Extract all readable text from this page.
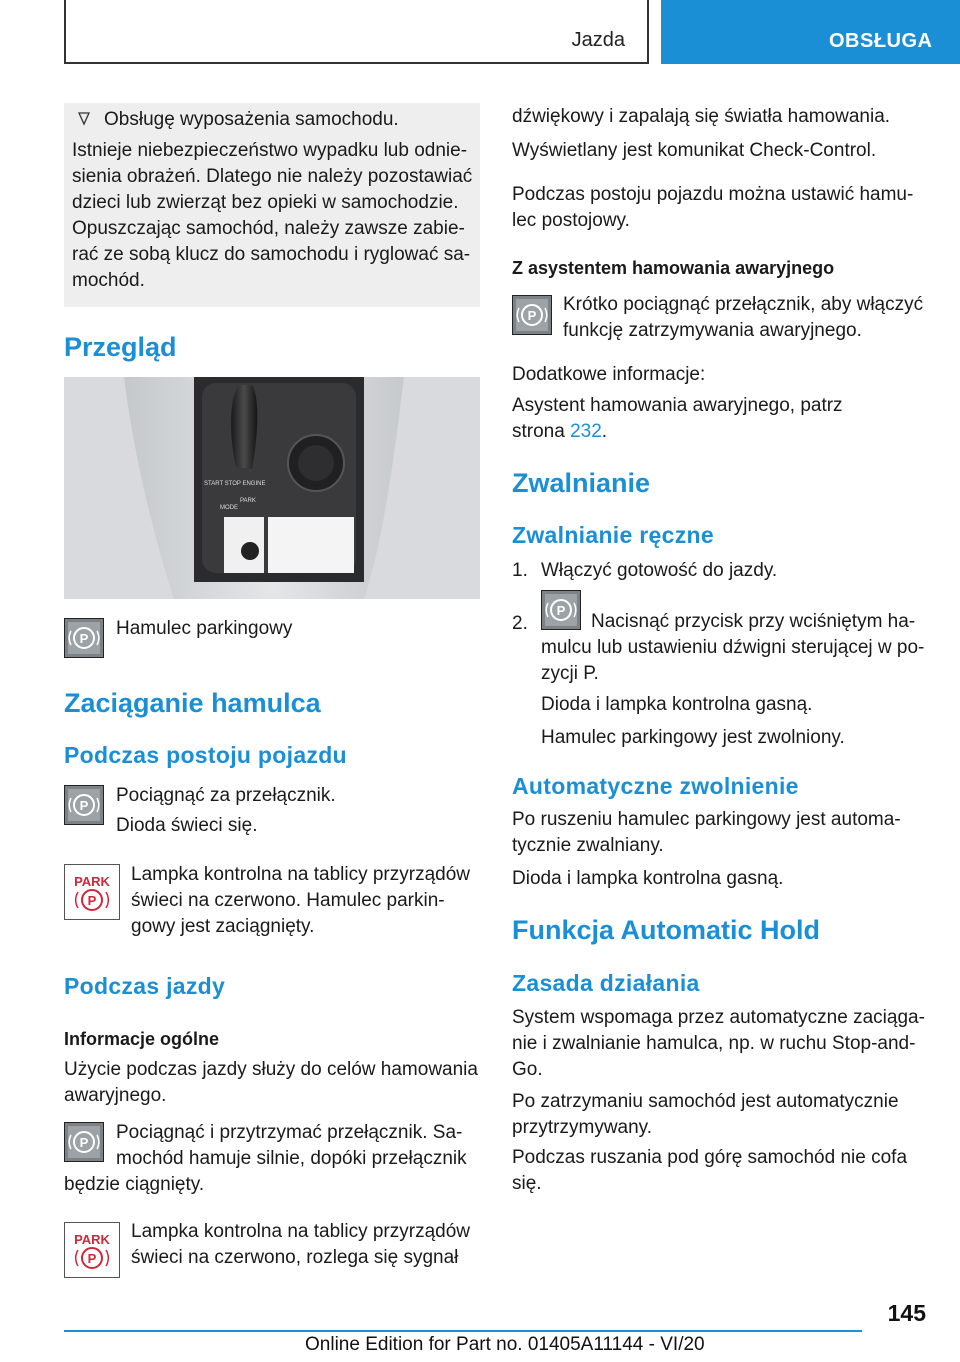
Jazda	OBSŁUGA
Obsługę wyposażenia samochodu.

Istnieje niebezpieczeństwo wypadku lub odnie-sienia obrażeń. Dlatego nie należy pozostawiać dzieci lub zwierząt bez opieki w samochodzie. Opuszczając samochód, należy zawsze zabie-rać ze sobą klucz do samochodu i ryglować sa-mochód.

Przegląd
START STOP ENGINE
PARK
MODE
P Hamulec parkingowy

Zaciąganie hamulca
Podczas postoju pojazdu
P Pociągnąć za przełącznik.

Dioda świeci się.

PARK
P

Lampka kontrolna na tablicy przyrządów świeci na czerwono. Hamulec parkin-gowy jest zaciągnięty.

Podczas jazdy
Informacje ogólne

Użycie podczas jazdy służy do celów hamowania awaryjnego.

P Pociągnąć i przytrzymać przełącznik. Sa-mochód hamuje silnie, dopóki przełącznik

będzie ciągnięty.

PARK
P

Lampka kontrolna na tablicy przyrządów świeci na czerwono, rozlega się sygnał

dźwiękowy i zapalają się światła hamowania.

Wyświetlany jest komunikat Check-Control.

Podczas postoju pojazdu można ustawić hamu-lec postojowy.

Z asystentem hamowania awaryjnego
P

Krótko pociągnąć przełącznik, aby włączyć funkcję zatrzymywania awaryjnego.

Dodatkowe informacje:

Asystent hamowania awaryjnego, patrz

strona 232.

Zwalnianie
Zwalnianie ręczne

1. Włączyć gotowość do jazdy.

2.

P

Nacisnąć przycisk przy wciśniętym ha-

mulcu lub ustawieniu dźwigni sterującej w po-zycji P.

Dioda i lampka kontrolna gasną.

Hamulec parkingowy jest zwolniony.

Automatyczne zwolnienie

Po ruszeniu hamulec parkingowy jest automa-tycznie zwalniany.

Dioda i lampka kontrolna gasną.

Funkcja Automatic Hold
Zasada działania

System wspomaga przez automatyczne zaciąga-nie i zwalnianie hamulca, np. w ruchu Stop-and-Go.

Po zatrzymaniu samochód jest automatycznie przytrzymywany.

Podczas ruszania pod górę samochód nie cofa się.

145
Online Edition for Part no. 01405A11144 - VI/20
